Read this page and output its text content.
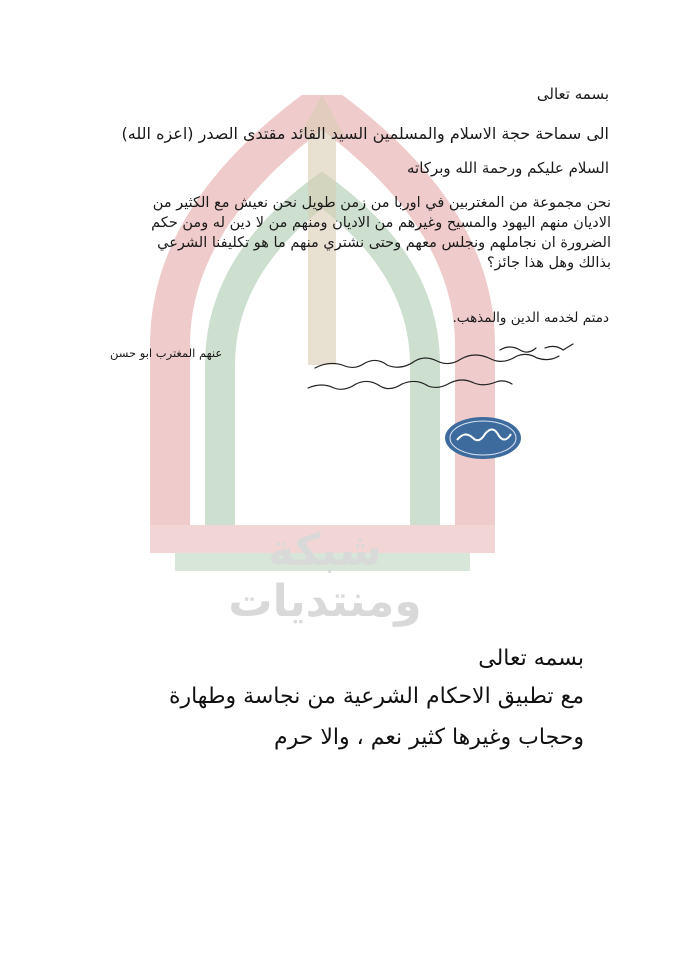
شبكة ومنتديات
بسمه تعالى
الى سماحة حجة الاسلام والمسلمين السيد القائد مقتدى الصدر (اعزه الله)
السلام عليكم ورحمة الله وبركاته
نحن مجموعة من المغتربين في اوربا من زمن طويل نحن نعيش مع الكثير من
الاديان منهم اليهود والمسيح وغيرهم من الاديان ومنهم من لا دين له ومن حكم
الضرورة ان نجاملهم ونجلس معهم وحتى نشتري منهم ما هو تكليفنا الشرعي
بذالك وهل هذا جائز؟
دمتم لخدمه الدين والمذهب.
عنهم المغترب ابو حسن
بسمه تعالى
مع تطبيق الاحكام الشرعية من نجاسة وطهارة
وحجاب وغيرها كثير نعم ، والا حرم
